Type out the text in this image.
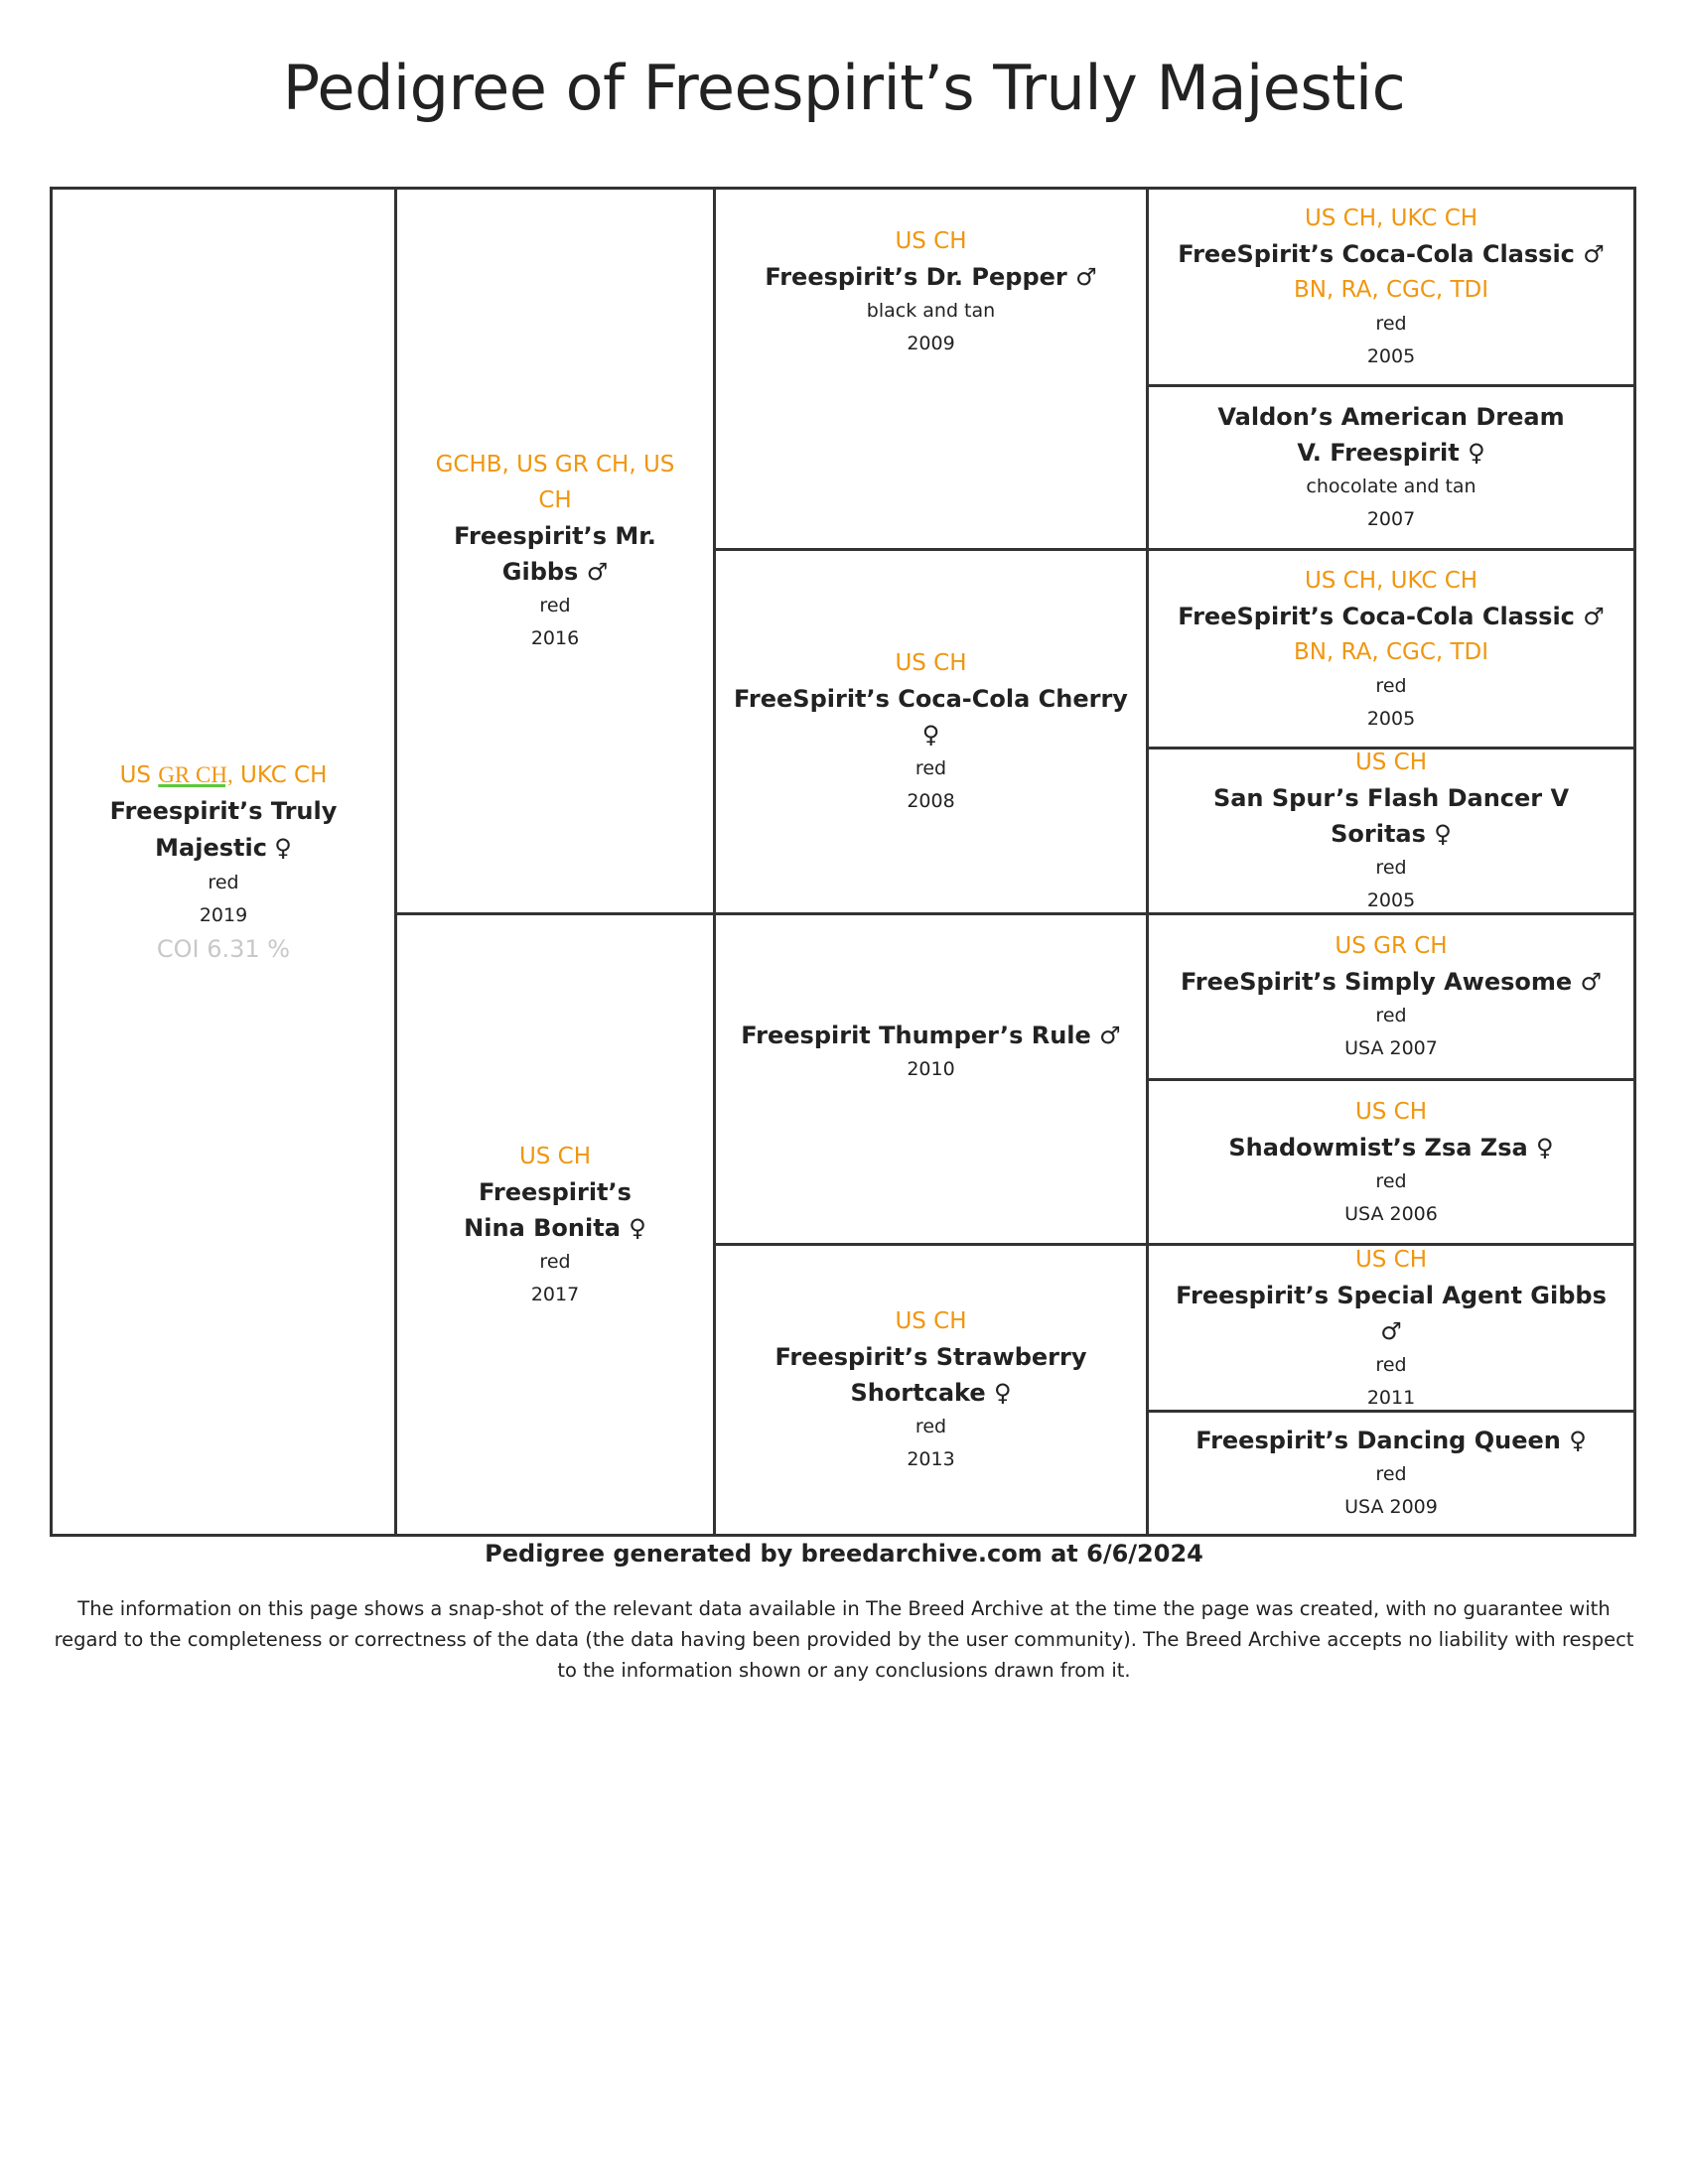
Pedigree of Freespirit’s Truly Majestic
US GR CH, UKC CH Freespirit’s Truly Majestic ♀
red
2019
COI 6.31 %
GCHB, US GR CH, US CH
Freespirit’s Mr. Gibbs ♂
red
2016
US CH
Freespirit’s Nina Bonita ♀
red
2017
US CH
Freespirit’s Dr. Pepper ♂
black and tan
2009
US CH
FreeSpirit’s Coca-Cola Cherry ♀
red
2008
Freespirit Thumper’s Rule ♂
2010
US CH
Freespirit’s Strawberry Shortcake ♀
red
2013
US CH, UKC CH
FreeSpirit’s Coca-Cola Classic ♂
BN, RA, CGC, TDI
red
2005
Valdon’s American Dream V. Freespirit ♀
chocolate and tan
2007
US CH, UKC CH
FreeSpirit’s Coca-Cola Classic ♂
BN, RA, CGC, TDI
red
2005
US CH
San Spur’s Flash Dancer V Soritas ♀
red
2005
US GR CH
FreeSpirit’s Simply Awesome ♂
red
USA 2007
US CH
Shadowmist’s Zsa Zsa ♀
red
USA 2006
US CH
Freespirit’s Special Agent Gibbs ♂
red
2011
Freespirit’s Dancing Queen ♀
red
USA 2009
Pedigree generated by breedarchive.com at 6/6/2024
The information on this page shows a snap-shot of the relevant data available in The Breed Archive at the time the page was created, with no guarantee with regard to the completeness or correctness of the data (the data having been provided by the user community). The Breed Archive accepts no liability with respect to the information shown or any conclusions drawn from it.
